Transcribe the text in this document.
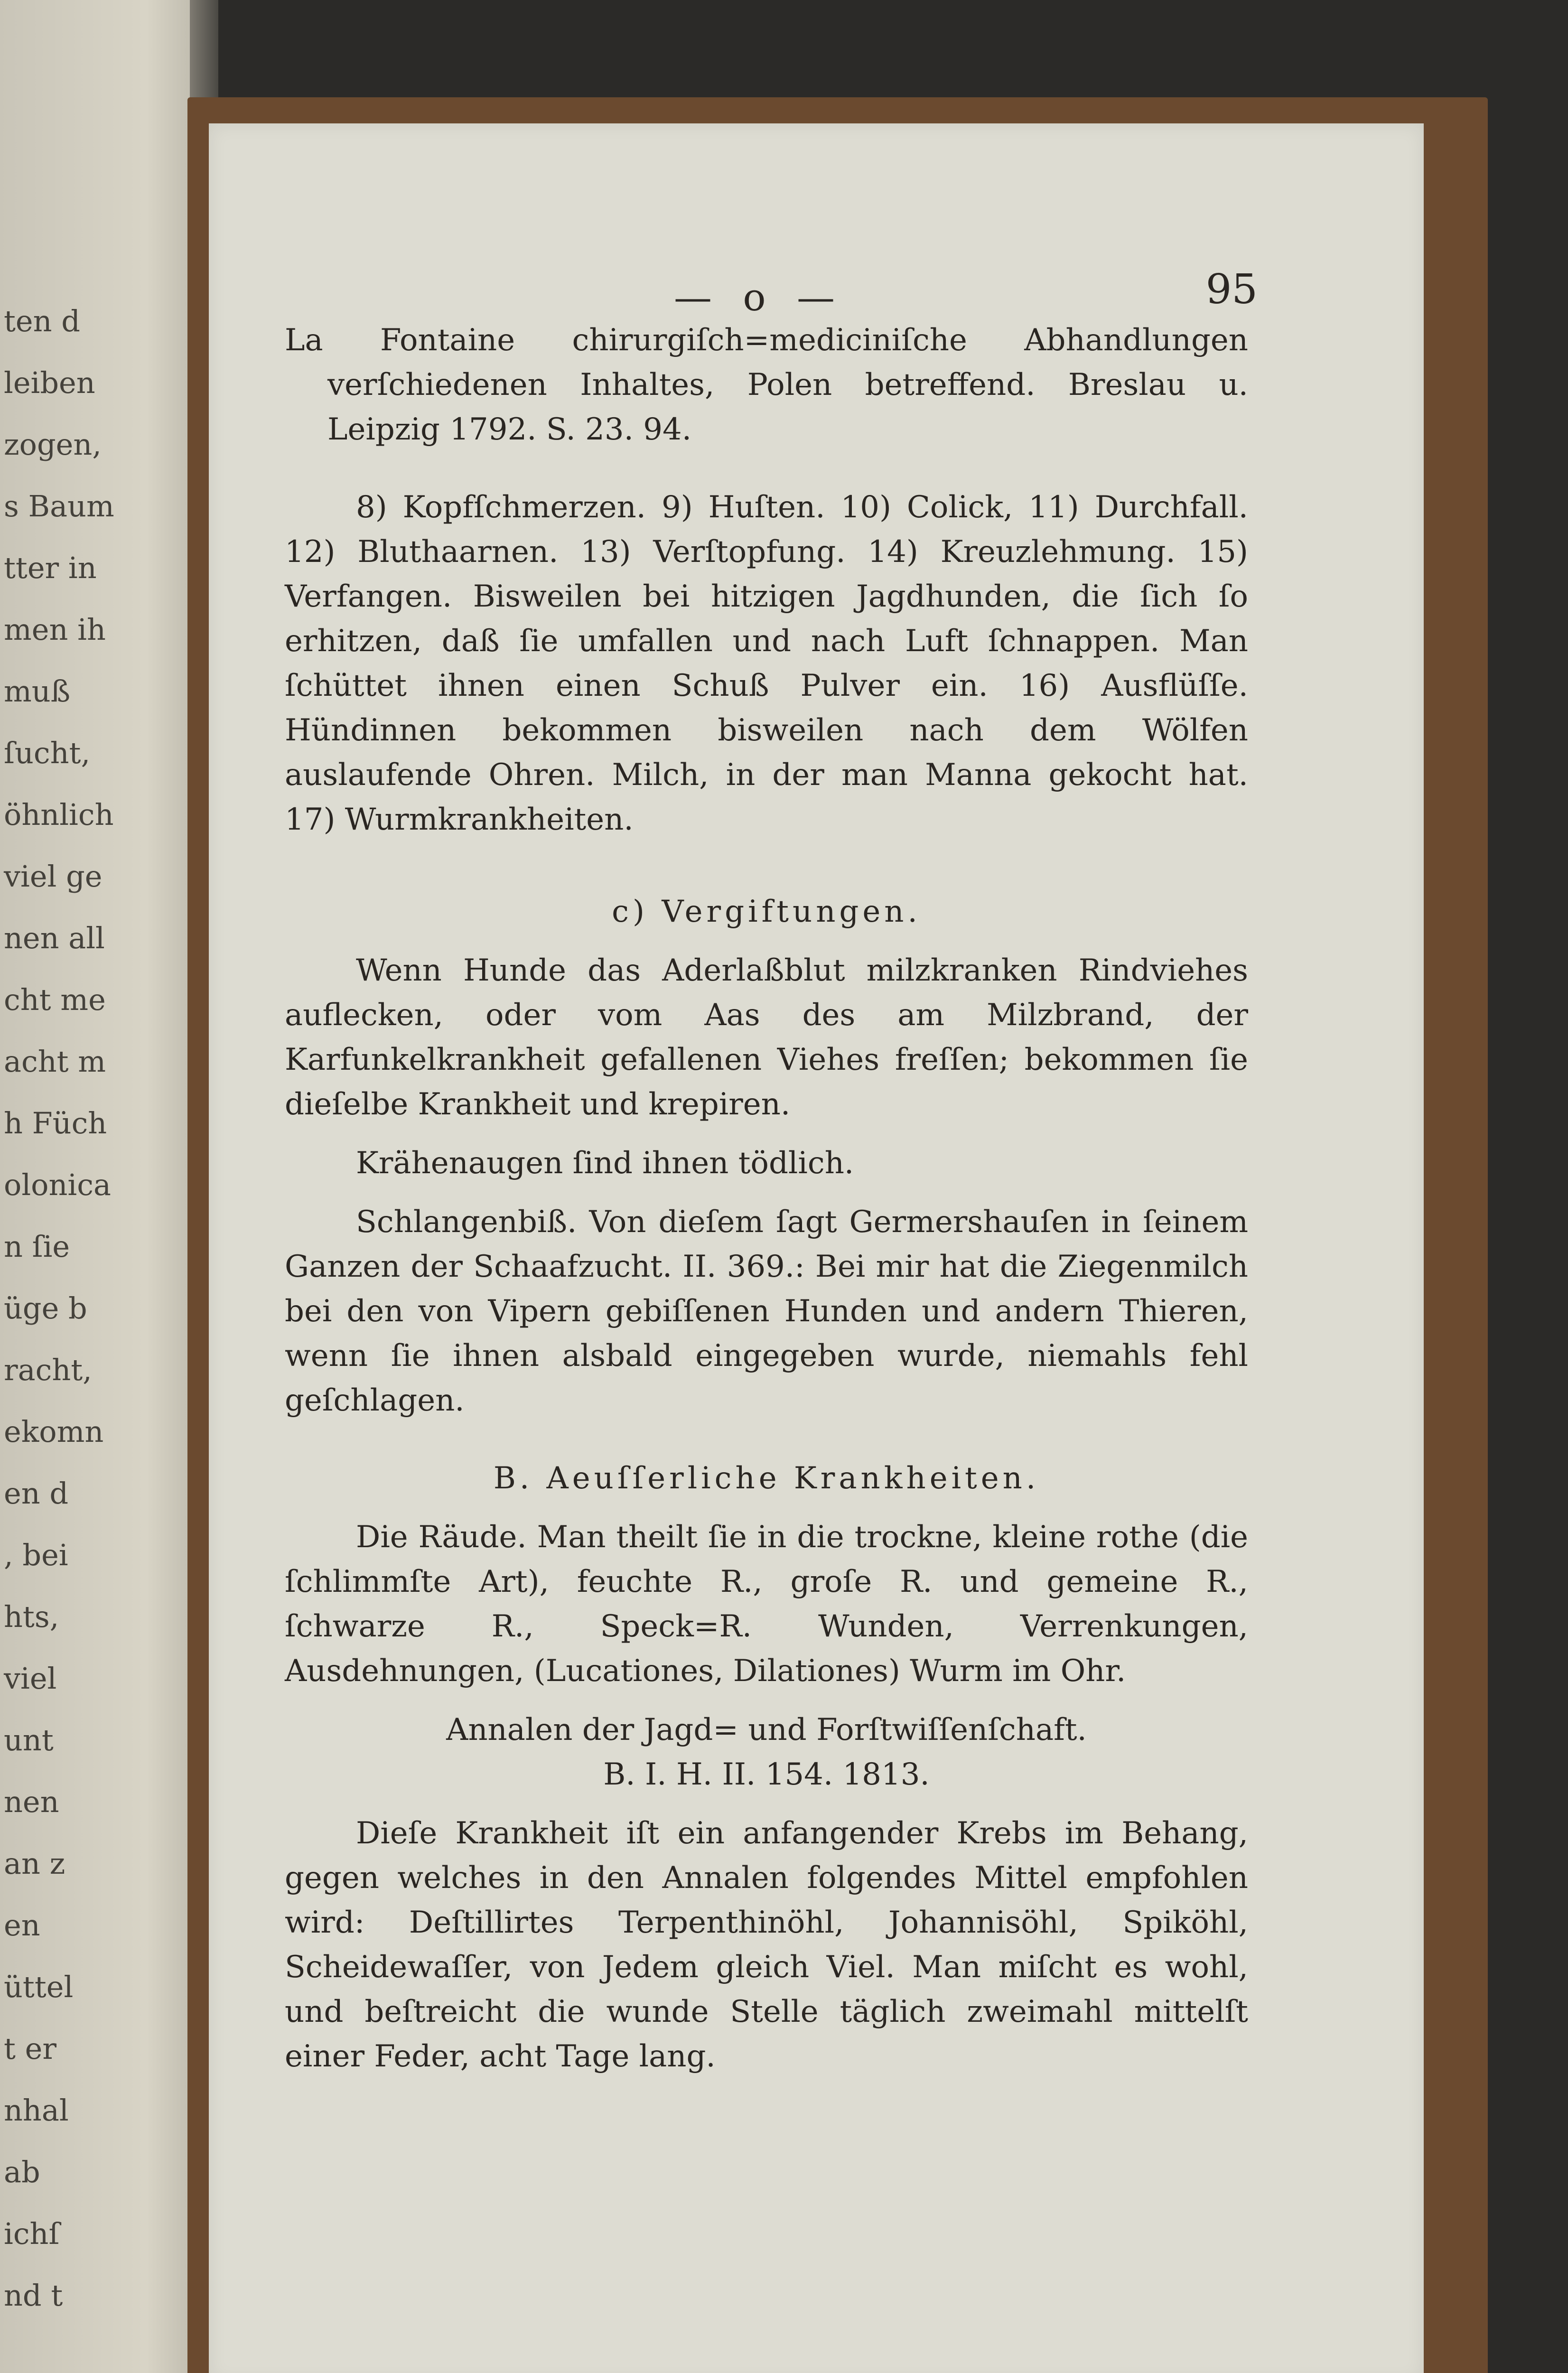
ten d
leiben
zogen,
s Baum
tter in
men ih
muß
ſucht,
öhnlich
viel ge
nen all
cht me
acht m
h Füch
olonica
n ſie
üge b
racht,
ekomn
en d
, bei
hts,
viel
unt
nen
an z
en
üttel
t er
nhal
ab
ichſ
nd t
— o —	95

La Fontaine chirurgiſch=mediciniſche Abhandlungen verſchiedenen Inhaltes, Polen betreffend. Breslau u. Leipzig 1792. S. 23. 94.

8) Kopfſchmerzen. 9) Huſten. 10) Colick, 11) Durchfall. 12) Bluthaarnen. 13) Verſtopfung. 14) Kreuzlehmung. 15) Verfangen. Bisweilen bei hitzigen Jagdhunden, die ſich ſo erhitzen, daß ſie umfallen und nach Luft ſchnappen. Man ſchüttet ihnen einen Schuß Pulver ein. 16) Ausflüſſe. Hündinnen bekommen bisweilen nach dem Wölfen auslaufende Ohren. Milch, in der man Manna gekocht hat. 17) Wurmkrankheiten.

c) Vergiftungen.

Wenn Hunde das Aderlaßblut milzkranken Rindviehes auflecken, oder vom Aas des am Milzbrand, der Karfunkelkrankheit gefallenen Viehes freſſen; bekommen ſie dieſelbe Krankheit und krepiren.

Krähenaugen ſind ihnen tödlich.

Schlangenbiß. Von dieſem ſagt Germershauſen in ſeinem Ganzen der Schaafzucht. II. 369.: Bei mir hat die Ziegenmilch bei den von Vipern gebiſſenen Hunden und andern Thieren, wenn ſie ihnen alsbald eingegeben wurde, niemahls fehl geſchlagen.

B. Aeuſſerliche Krankheiten.

Die Räude. Man theilt ſie in die trockne, kleine rothe (die ſchlimmſte Art), feuchte R., groſe R. und gemeine R., ſchwarze R., Speck=R. Wunden, Verrenkungen, Ausdehnungen, (Lucationes, Dilationes) Wurm im Ohr.

Annalen der Jagd= und Forſtwiſſenſchaft.

B. I. H. II. 154. 1813.

Dieſe Krankheit iſt ein anfangender Krebs im Behang, gegen welches in den Annalen folgendes Mittel empfohlen wird: Deſtillirtes Terpenthinöhl, Johannisöhl, Spiköhl, Scheidewaſſer, von Jedem gleich Viel. Man miſcht es wohl, und beſtreicht die wunde Stelle täglich zweimahl mittelſt einer Feder, acht Tage lang.
